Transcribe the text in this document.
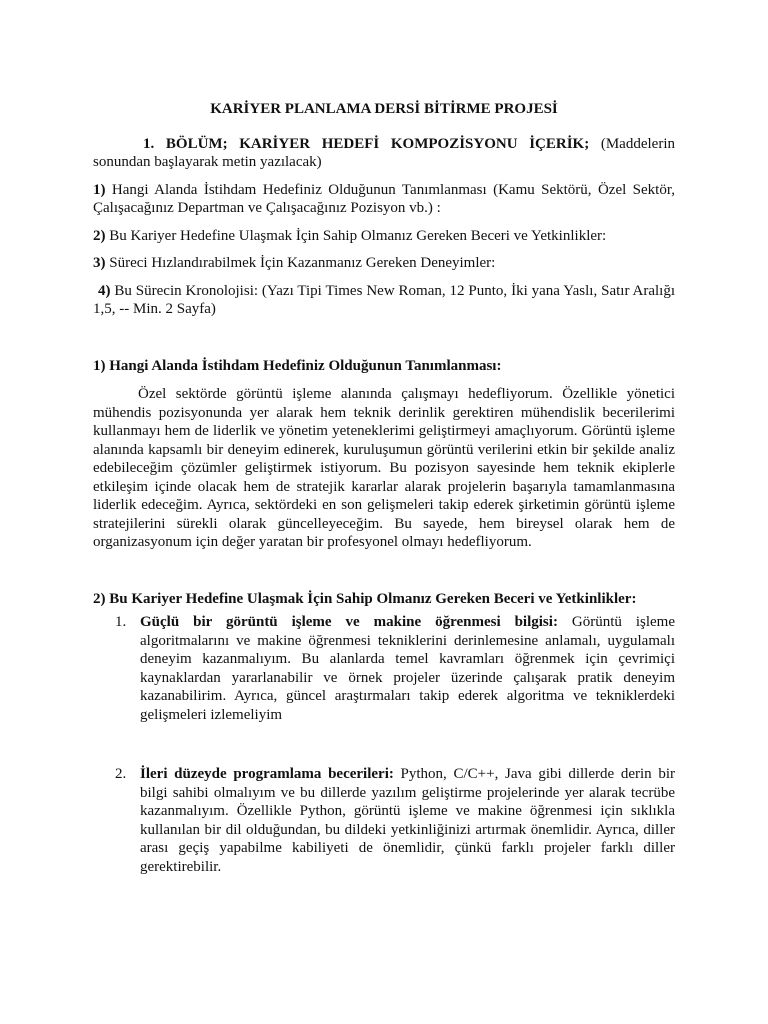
KARİYER PLANLAMA DERSİ BİTİRME PROJESİ

1. BÖLÜM; KARİYER HEDEFİ KOMPOZİSYONU İÇERİK; (Maddelerin sonundan başlayarak metin yazılacak)

1) Hangi Alanda İstihdam Hedefiniz Olduğunun Tanımlanması (Kamu Sektörü, Özel Sektör, Çalışacağınız Departman ve Çalışacağınız Pozisyon vb.) :

2) Bu Kariyer Hedefine Ulaşmak İçin Sahip Olmanız Gereken Beceri ve Yetkinlikler:

3) Süreci Hızlandırabilmek İçin Kazanmanız Gereken Deneyimler:

4) Bu Sürecin Kronolojisi: (Yazı Tipi Times New Roman, 12 Punto, İki yana Yaslı, Satır Aralığı 1,5, -- Min. 2 Sayfa)

1) Hangi Alanda İstihdam Hedefiniz Olduğunun Tanımlanması:

Özel sektörde görüntü işleme alanında çalışmayı hedefliyorum. Özellikle yönetici mühendis pozisyonunda yer alarak hem teknik derinlik gerektiren mühendislik becerilerimi kullanmayı hem de liderlik ve yönetim yeteneklerimi geliştirmeyi amaçlıyorum. Görüntü işleme alanında kapsamlı bir deneyim edinerek, kuruluşumun görüntü verilerini etkin bir şekilde analiz edebileceğim çözümler geliştirmek istiyorum. Bu pozisyon sayesinde hem teknik ekiplerle etkileşim içinde olacak hem de stratejik kararlar alarak projelerin başarıyla tamamlanmasına liderlik edeceğim. Ayrıca, sektördeki en son gelişmeleri takip ederek şirketimin görüntü işleme stratejilerini sürekli olarak güncelleyeceğim. Bu sayede, hem bireysel olarak hem de organizasyonum için değer yaratan bir profesyonel olmayı hedefliyorum.

2) Bu Kariyer Hedefine Ulaşmak İçin Sahip Olmanız Gereken Beceri ve Yetkinlikler:

1. Güçlü bir görüntü işleme ve makine öğrenmesi bilgisi: Görüntü işleme algoritmalarını ve makine öğrenmesi tekniklerini derinlemesine anlamalı, uygulamalı deneyim kazanmalıyım. Bu alanlarda temel kavramları öğrenmek için çevrimiçi kaynaklardan yararlanabilir ve örnek projeler üzerinde çalışarak pratik deneyim kazanabilirim. Ayrıca, güncel araştırmaları takip ederek algoritma ve tekniklerdeki gelişmeleri izlemeliyim
2. İleri düzeyde programlama becerileri: Python, C/C++, Java gibi dillerde derin bir bilgi sahibi olmalıyım ve bu dillerde yazılım geliştirme projelerinde yer alarak tecrübe kazanmalıyım. Özellikle Python, görüntü işleme ve makine öğrenmesi için sıklıkla kullanılan bir dil olduğundan, bu dildeki yetkinliğinizi artırmak önemlidir. Ayrıca, diller arası geçiş yapabilme kabiliyeti de önemlidir, çünkü farklı projeler farklı diller gerektirebilir.
